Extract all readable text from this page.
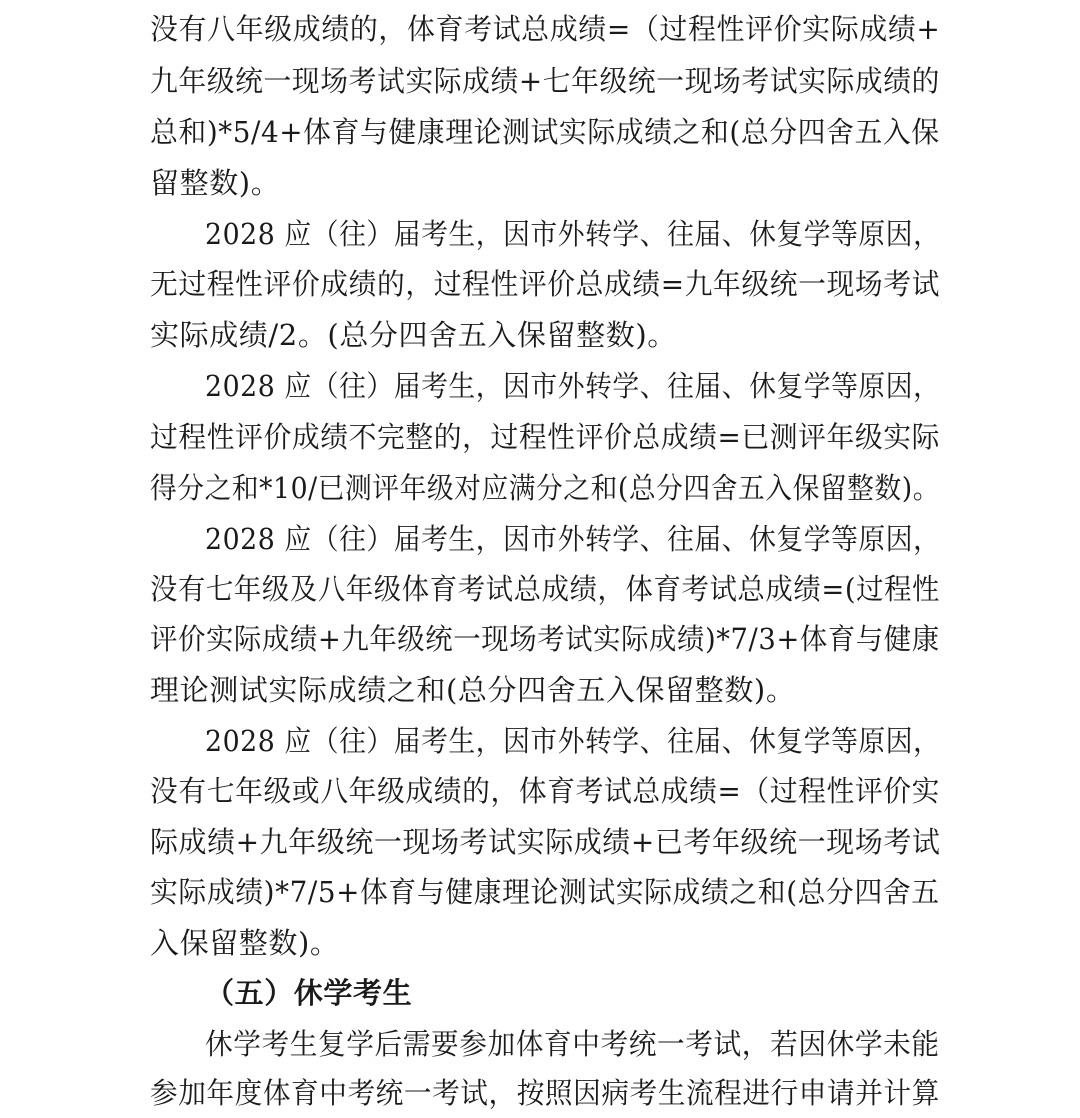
没有八年级成绩的，体育考试总成绩=（过程性评价实际成绩+
九年级统一现场考试实际成绩+七年级统一现场考试实际成绩的
总和)*5/4+体育与健康理论测试实际成绩之和(总分四舍五入保
留整数)。
2028 应（往）届考生，因市外转学、往届、休复学等原因，
无过程性评价成绩的，过程性评价总成绩=九年级统一现场考试
实际成绩/2。(总分四舍五入保留整数)。
2028 应（往）届考生，因市外转学、往届、休复学等原因，
过程性评价成绩不完整的，过程性评价总成绩=已测评年级实际
得分之和*10/已测评年级对应满分之和(总分四舍五入保留整数)。
2028 应（往）届考生，因市外转学、往届、休复学等原因，
没有七年级及八年级体育考试总成绩，体育考试总成绩=(过程性
评价实际成绩+九年级统一现场考试实际成绩)*7/3+体育与健康
理论测试实际成绩之和(总分四舍五入保留整数)。
2028 应（往）届考生，因市外转学、往届、休复学等原因，
没有七年级或八年级成绩的，体育考试总成绩=（过程性评价实
际成绩+九年级统一现场考试实际成绩+已考年级统一现场考试
实际成绩)*7/5+体育与健康理论测试实际成绩之和(总分四舍五
入保留整数)。
（五）休学考生
休学考生复学后需要参加体育中考统一考试，若因休学未能
参加年度体育中考统一考试，按照因病考生流程进行申请并计算
